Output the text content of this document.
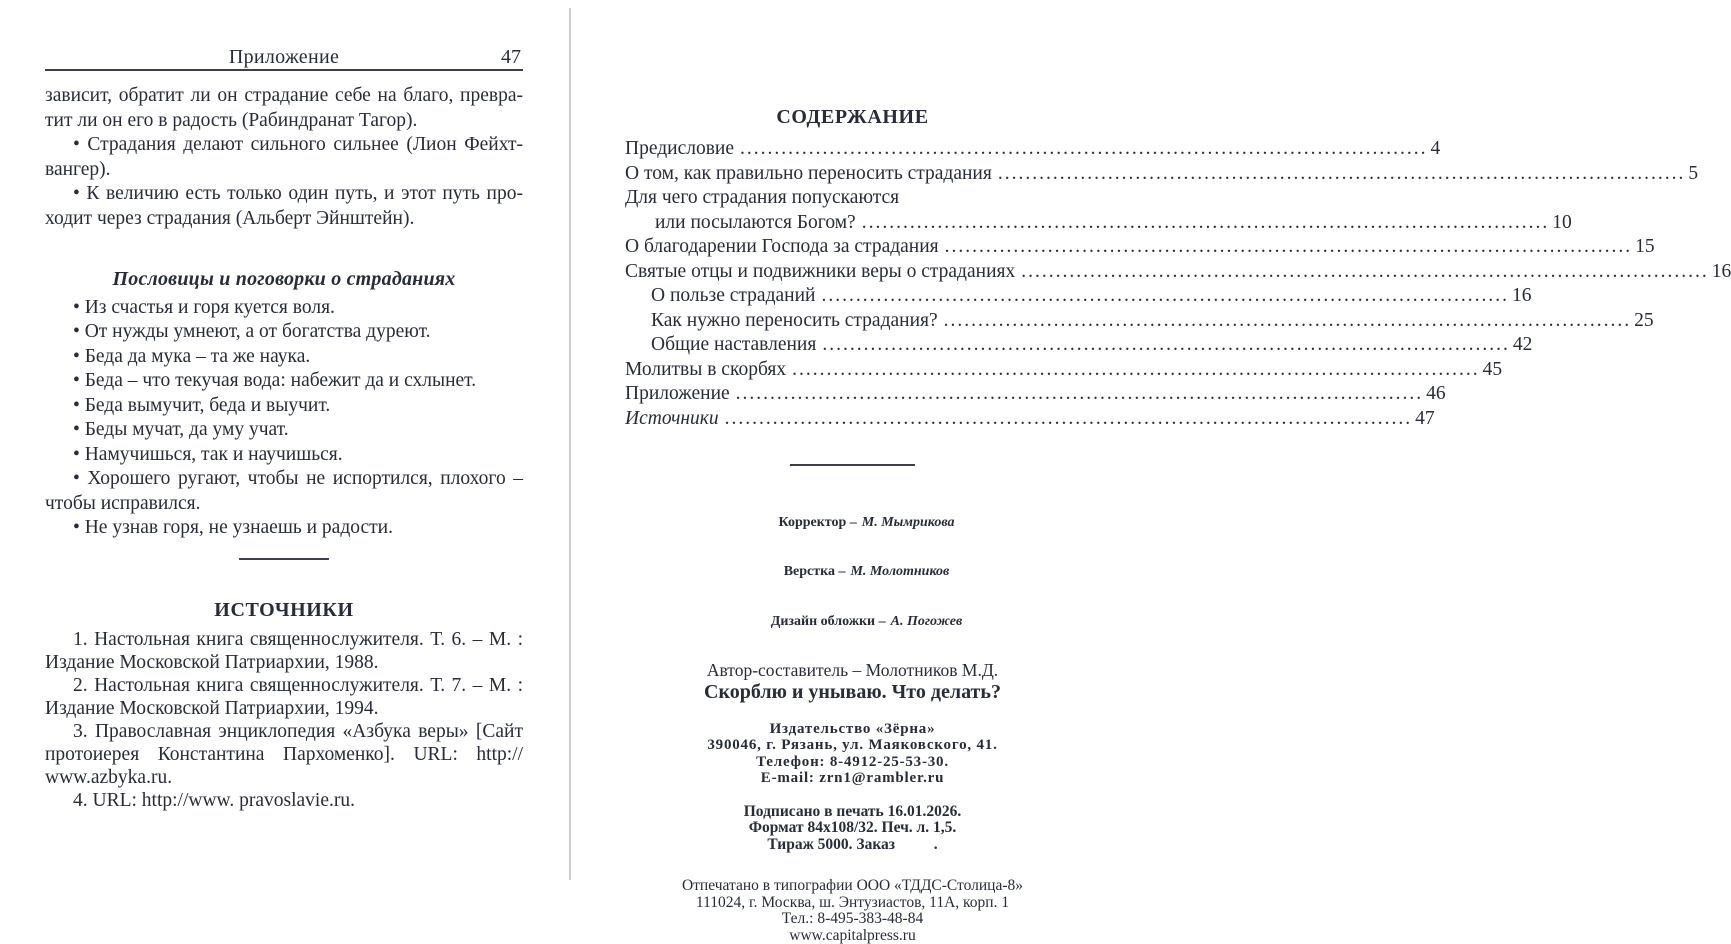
Приложение	47
зависит, обратит ли он страдание себе на благо, превра-
тит ли он его в радость (Рабиндранат Тагор).
• Страдания делают сильного сильнее (Лион Фейхт-
вангер).
• К величию есть только один путь, и этот путь про-
ходит через страдания (Альберт Эйнштейн).
Пословицы и поговорки о страданиях
• Из счастья и горя куется воля.
• От нужды умнеют, а от богатства дуреют.
• Беда да мука – та же наука.
• Беда – что текучая вода: набежит да и схлынет.
• Беда вымучит, беда и выучит.
• Беды мучат, да уму учат.
• Намучишься, так и научишься.
• Хорошего ругают, чтобы не испортился, плохого –
чтобы исправился.
• Не узнав горя, не узнаешь и радости.
ИСТОЧНИКИ
1. Настольная книга священнослужителя. Т. 6. – М. :
Издание Московской Патриархии, 1988.
2. Настольная книга священнослужителя. Т. 7. – М. :
Издание Московской Патриархии, 1994.
3. Православная энциклопедия «Азбука веры» [Сайт
протоиерея Константина Пархоменко]. URL: http://
www.azbyka.ru.
4. URL: http://www. pravoslavie.ru.
СОДЕРЖАНИЕ
Предисловие .....	4
О том, как правильно переносить страдания .....	5
Для чего страдания попускаются
или посылаются Богом? .....	10
О благодарении Господа за страдания .....	15
Святые отцы и подвижники веры о страданиях .....	16
О пользе страданий .....	16
Как нужно переносить страдания? .....	25
Общие наставления .....	42
Молитвы в скорбях .....	45
Приложение .....	46
Источники .....	47

Корректор – М. Мымрикова

Верстка – М. Молотников

Дизайн обложки – А. Погожев

Автор-составитель – Молотников М.Д.
Скорблю и унываю. Что делать?
Издательство «Зёрна»
390046, г. Рязань, ул. Маяковского, 41.
Телефон: 8-4912-25-53-30.
E-mail: zrn1@rambler.ru
Подписано в печать 16.01.2026.
Формат 84x108/32. Печ. л. 1,5.
Тираж 5000. Заказ          .
Отпечатано в типографии ООО «ТДДС-Столица-8»
111024, г. Москва, ш. Энтузиастов, 11А, корп. 1
Тел.: 8-495-383-48-84
www.capitalpress.ru
